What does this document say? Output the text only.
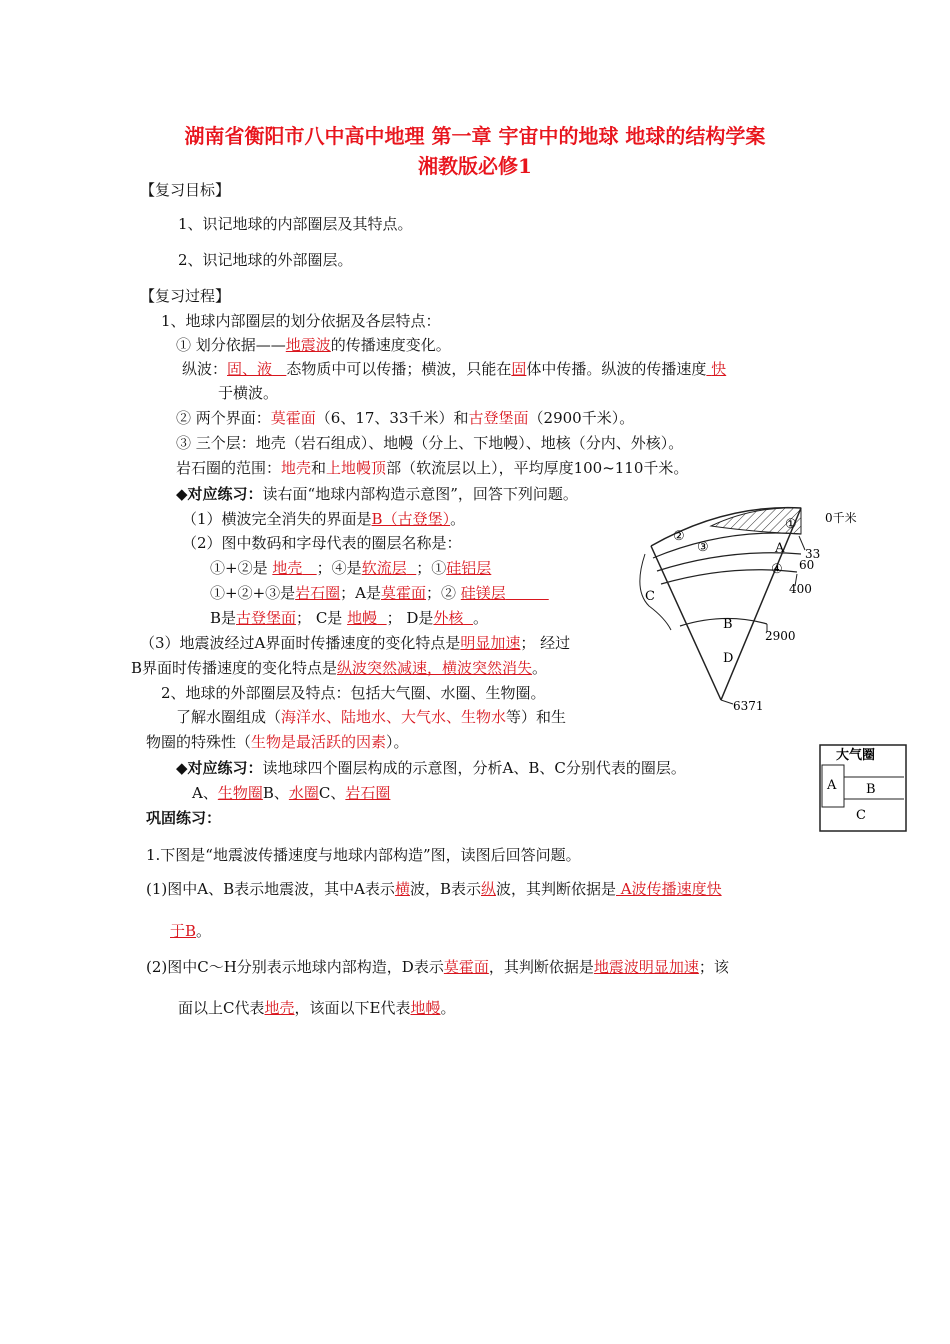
湖南省衡阳市八中高中地理 第一章 宇宙中的地球 地球的结构学案
湘教版必修1
【复习目标】
1、识记地球的内部圈层及其特点。
2、识记地球的外部圈层。
【复习过程】
1、地球内部圈层的划分依据及各层特点：
① 划分依据——地震波的传播速度变化。
纵波：固、液 态物质中可以传播；横波，只能在固体中传播。纵波的传播速度 快
于横波。
② 两个界面：莫霍面（6、17、33千米）和古登堡面（2900千米）。
③ 三个层：地壳（岩石组成）、地幔（分上、下地幔）、地核（分内、外核）。
岩石圈的范围：地壳和上地幔顶部（软流层以上），平均厚度100~110千米。
◆对应练习：读右面“地球内部构造示意图”，回答下列问题。
（1）横波完全消失的界面是B（古登堡）。
（2）图中数码和字母代表的圈层名称是：
①+②是 地壳 ；④是软流层 ；①硅铝层
①+②+③是岩石圈；A是莫霍面；② 硅镁层
B是古登堡面； C是 地幔 ； D是外核 。
（3）地震波经过A界面时传播速度的变化特点是明显加速； 经过
B界面时传播速度的变化特点是纵波突然减速，横波突然消失。
2、地球的外部圈层及特点：包括大气圈、水圈、生物圈。
了解水圈组成（海洋水、陆地水、大气水、生物水等）和生
物圈的特殊性（生物是最活跃的因素）。
◆对应练习：读地球四个圈层构成的示意图，分析A、B、C分别代表的圈层。
A、生物圈B、水圈C、岩石圈
巩固练习：
1.下图是“地震波传播速度与地球内部构造”图，读图后回答问题。
(1)图中A、B表示地震波，其中A表示横波，B表示纵波，其判断依据是 A波传播速度快
于B。
(2)图中C～H分别表示地球内部构造，D表示莫霍面，其判断依据是地震波明显加速；该
面以上C代表地壳，该面以下E代表地幔。
①
②
③
④
A
B
C
D
0千米
33
60
400
2900
6371
大气圈
A B
C
